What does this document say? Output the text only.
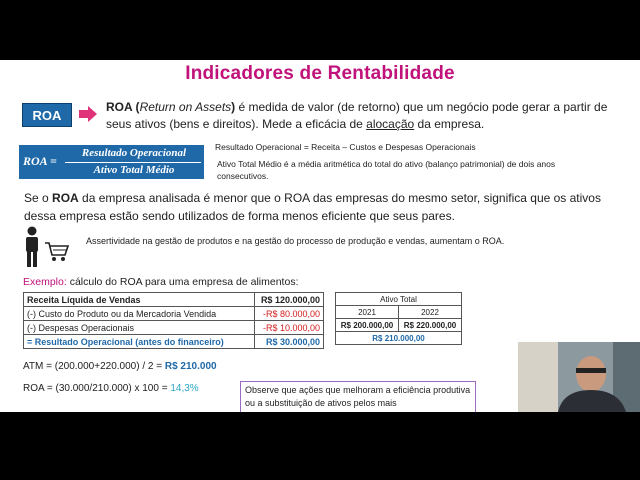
Indicadores de Rentabilidade
ROA
ROA (Return on Assets) é medida de valor (de retorno) que um negócio pode gerar a partir de seus ativos (bens e direitos). Mede a eficácia de alocação da empresa.
ROA =
Resultado Operacional
Ativo Total Médio
Resultado Operacional = Receita – Custos e Despesas Operacionais
Ativo Total Médio é a média aritmética do total do ativo (balanço patrimonial) de dois anos consecutivos.
Se o ROA da empresa analisada é menor que o ROA das empresas do mesmo setor, significa que os ativos dessa empresa estão sendo utilizados de forma menos eficiente que seus pares.
Assertividade na gestão de produtos e na gestão do processo de produção e vendas, aumentam o ROA.
Exemplo: cálculo do ROA para uma empresa de alimentos:
Receita Líquida de Vendas	R$ 120.000,00
(-) Custo do Produto ou da Mercadoria Vendida	-R$ 80.000,00
(-) Despesas Operacionais	-R$ 10.000,00
= Resultado Operacional (antes do financeiro)	R$ 30.000,00
Ativo Total	
2021	2022
R$ 200.000,00	R$ 220.000,00
R$ 210.000,00	
ATM = (200.000+220.000) / 2 = R$ 210.000
ROA = (30.000/210.000) x 100 = 14,3%	Observe que ações que melhoram a eficiência produtiva ou a substituição de ativos pelos mais
